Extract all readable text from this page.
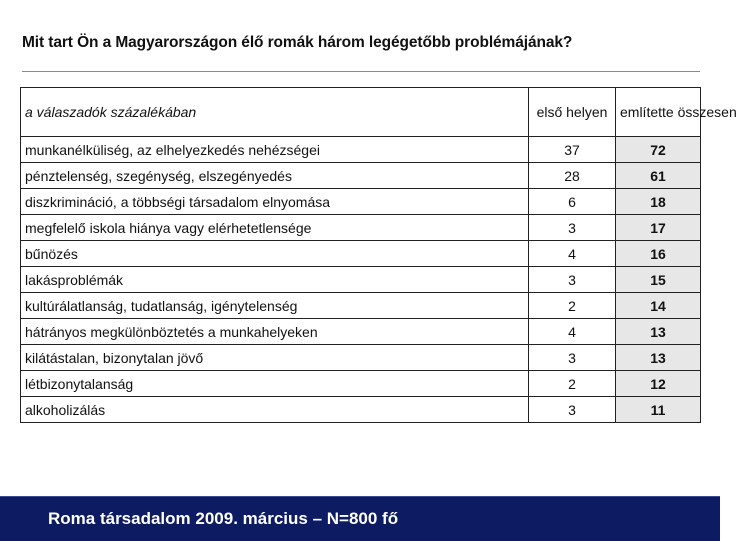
Mit tart Ön a Magyarországon élő romák három legégetőbb problémájának?
a válaszadók százalékában	első helyen	említette összesen
munkanélküliség, az elhelyezkedés nehézségei	37	72
pénztelenség, szegénység, elszegényedés	28	61
diszkrimináció, a többségi társadalom elnyomása	6	18
megfelelő iskola hiánya vagy elérhetetlensége	3	17
bűnözés	4	16
lakásproblémák	3	15
kultúrálatlanság, tudatlanság, igénytelenség	2	14
hátrányos megkülönböztetés a munkahelyeken	4	13
kilátástalan, bizonytalan jövő	3	13
létbizonytalanság	2	12
alkoholizálás	3	11
Roma társadalom 2009. március – N=800 fő
